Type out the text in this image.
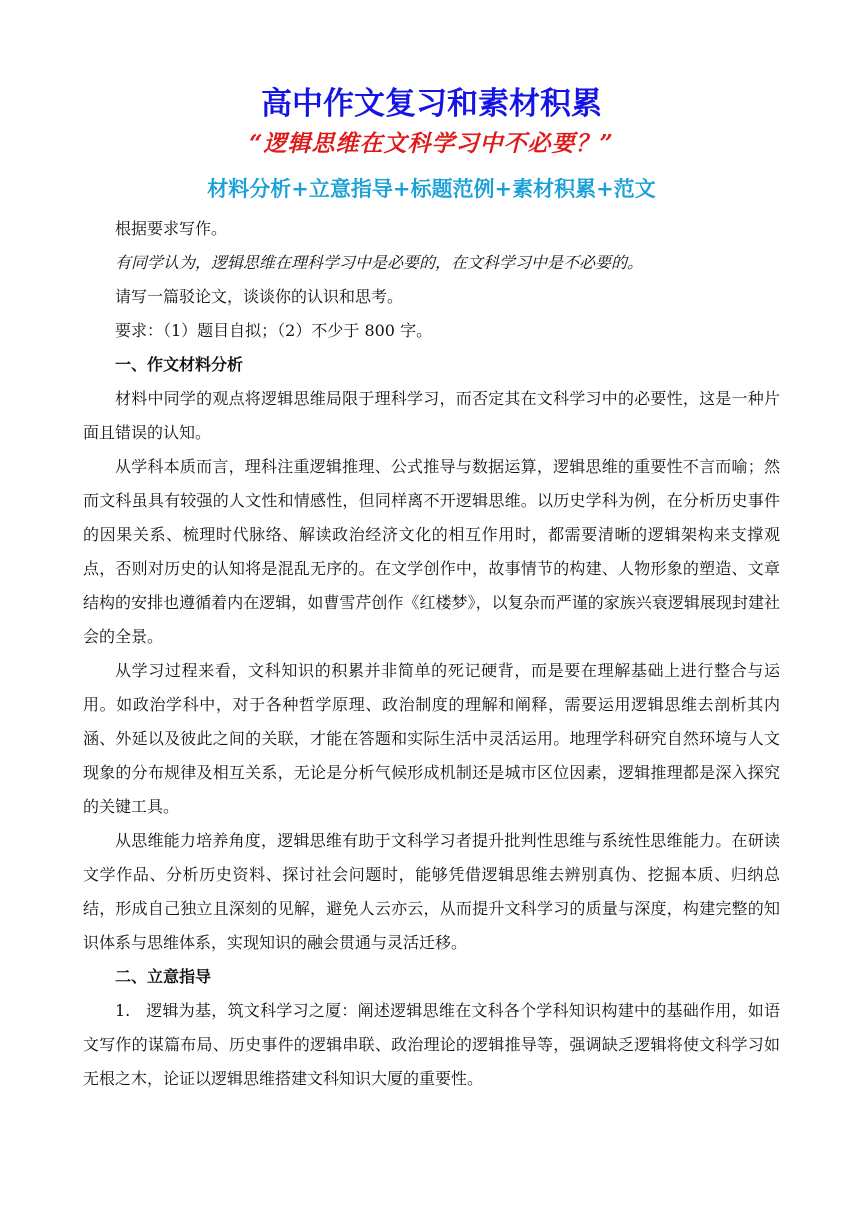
高中作文复习和素材积累
“逻辑思维在文科学习中不必要？”
材料分析+立意指导+标题范例+素材积累+范文

根据要求写作。

有同学认为，逻辑思维在理科学习中是必要的，在文科学习中是不必要的。

请写一篇驳论文，谈谈你的认识和思考。

要求：（1）题目自拟；（2）不少于 800 字。

一、作文材料分析

材料中同学的观点将逻辑思维局限于理科学习，而否定其在文科学习中的必要性，这是一种片面且错误的认知。

从学科本质而言，理科注重逻辑推理、公式推导与数据运算，逻辑思维的重要性不言而喻；然而文科虽具有较强的人文性和情感性，但同样离不开逻辑思维。以历史学科为例，在分析历史事件的因果关系、梳理时代脉络、解读政治经济文化的相互作用时，都需要清晰的逻辑架构来支撑观点，否则对历史的认知将是混乱无序的。在文学创作中，故事情节的构建、人物形象的塑造、文章结构的安排也遵循着内在逻辑，如曹雪芹创作《红楼梦》，以复杂而严谨的家族兴衰逻辑展现封建社会的全景。

从学习过程来看，文科知识的积累并非简单的死记硬背，而是要在理解基础上进行整合与运用。如政治学科中，对于各种哲学原理、政治制度的理解和阐释，需要运用逻辑思维去剖析其内涵、外延以及彼此之间的关联，才能在答题和实际生活中灵活运用。地理学科研究自然环境与人文现象的分布规律及相互关系，无论是分析气候形成机制还是城市区位因素，逻辑推理都是深入探究的关键工具。

从思维能力培养角度，逻辑思维有助于文科学习者提升批判性思维与系统性思维能力。在研读文学作品、分析历史资料、探讨社会问题时，能够凭借逻辑思维去辨别真伪、挖掘本质、归纳总结，形成自己独立且深刻的见解，避免人云亦云，从而提升文科学习的质量与深度，构建完整的知识体系与思维体系，实现知识的融会贯通与灵活迁移。

二、立意指导

1.   逻辑为基，筑文科学习之厦：阐述逻辑思维在文科各个学科知识构建中的基础作用，如语文写作的谋篇布局、历史事件的逻辑串联、政治理论的逻辑推导等，强调缺乏逻辑将使文科学习如无根之木，论证以逻辑思维搭建文科知识大厦的重要性。
